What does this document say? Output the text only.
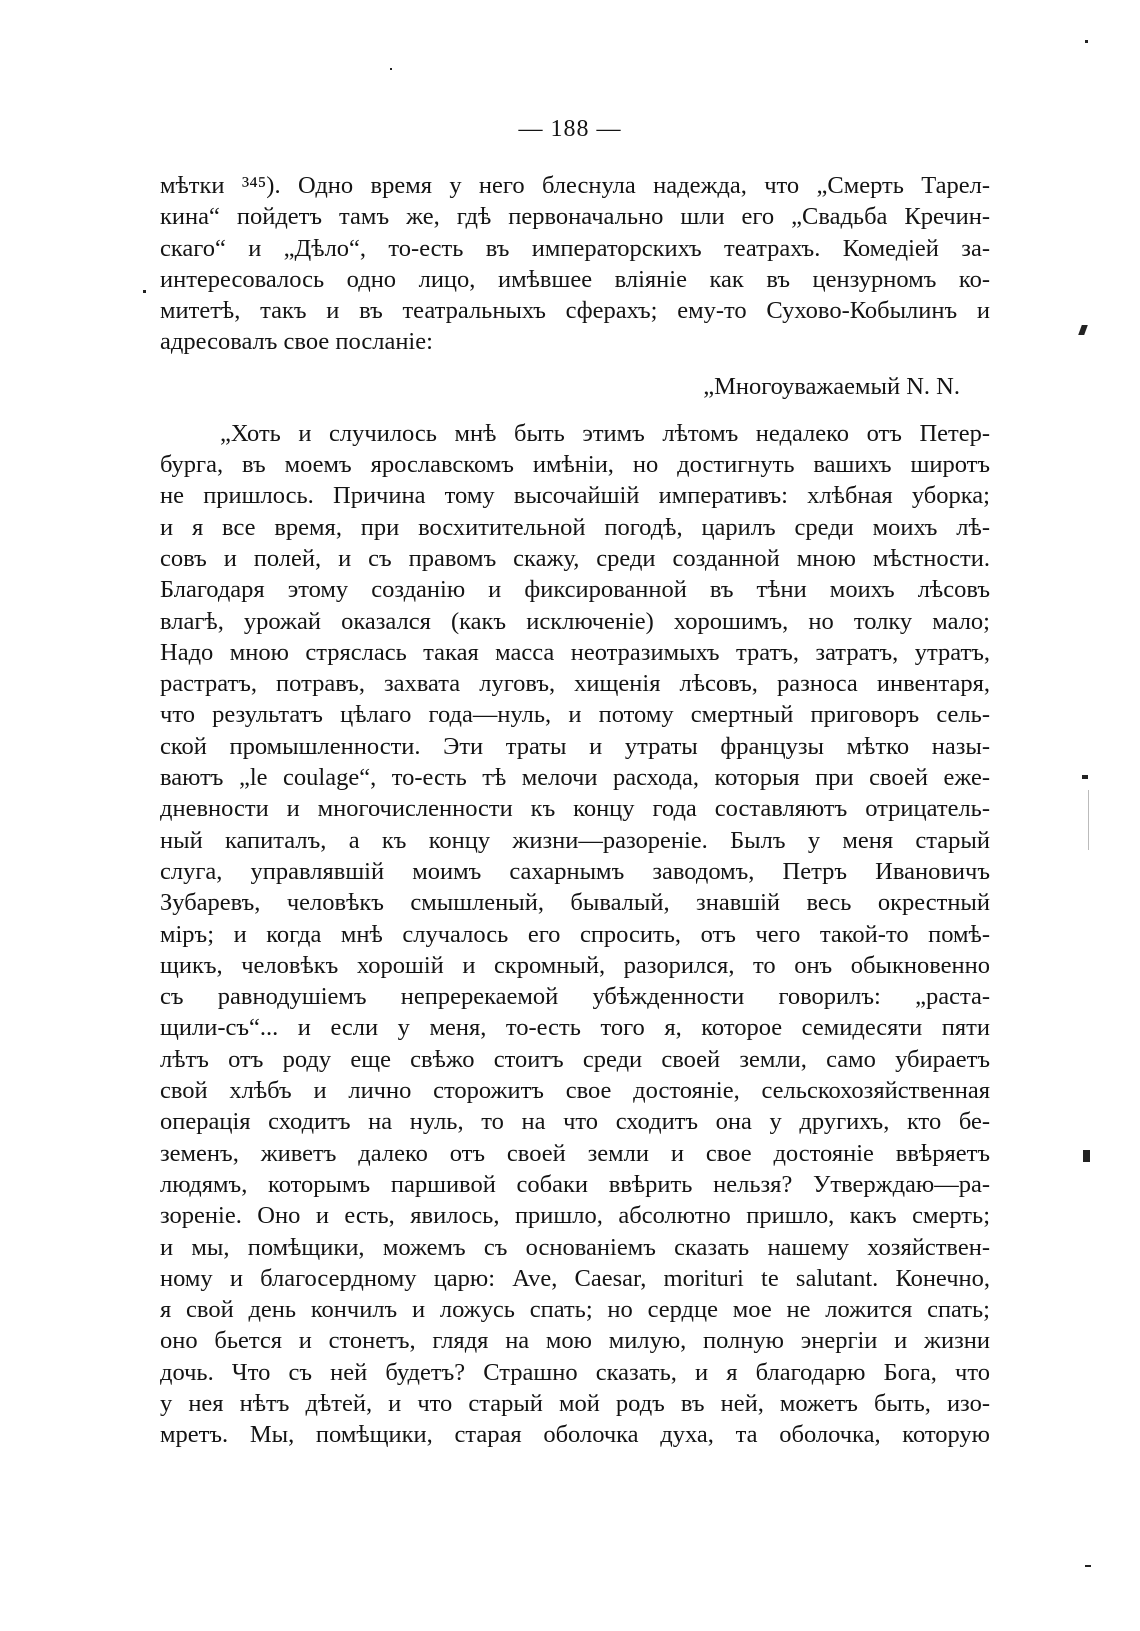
— 188 —
мѣтки ³⁴⁵). Одно время у него блеснула надежда, что „Смерть Тарел-
кина“ пойдетъ тамъ же, гдѣ первоначально шли его „Свадьба Кречин-
скаго“ и „Дѣло“, то-есть въ императорскихъ театрахъ. Комедiей за-
интересовалось одно лицо, имѣвшее влiянiе как въ цензурномъ ко-
митетѣ, такъ и въ театральныхъ сферахъ; ему-то Сухово-Кобылинъ и
адресовалъ свое посланiе:
„Многоуважаемый N. N.
„Хоть и случилось мнѣ быть этимъ лѣтомъ недалеко отъ Петер-
бурга, въ моемъ ярославскомъ имѣнiи, но достигнуть вашихъ широтъ
не пришлось. Причина тому высочайшiй императивъ: хлѣбная уборка;
и я все время, при восхитительной погодѣ, царилъ среди моихъ лѣ-
совъ и полей, и съ правомъ скажу, среди созданной мною мѣстности.
Благодаря этому созданiю и фиксированной въ тѣни моихъ лѣсовъ
влагѣ, урожай оказался (какъ исключенiе) хорошимъ, но толку мало;
Надо мною стряслась такая масса неотразимыхъ тратъ, затратъ, утратъ,
растратъ, потравъ, захвата луговъ, хищенiя лѣсовъ, разноса инвентаря,
что результатъ цѣлаго года—нуль, и потому смертный приговоръ сель-
ской промышленности. Эти траты и утраты французы мѣтко назы-
ваютъ „le coulage“, то-есть тѣ мелочи расхода, которыя при своей еже-
дневности и многочисленности къ концу года составляютъ отрицатель-
ный капиталъ, а къ концу жизни—разоренiе. Былъ у меня старый
слуга, управлявшiй моимъ сахарнымъ заводомъ, Петръ Ивановичъ
Зубаревъ, человѣкъ смышленый, бывалый, знавшiй весь окрестный
мiръ; и когда мнѣ случалось его спросить, отъ чего такой-то помѣ-
щикъ, человѣкъ хорошiй и скромный, разорился, то онъ обыкновенно
съ равнодушiемъ непререкаемой убѣжденности говорилъ: „раста-
щили-съ“... и если у меня, то-есть того я, которое семидесяти пяти
лѣтъ отъ роду еще свѣжо стоитъ среди своей земли, само убираетъ
свой хлѣбъ и лично сторожитъ свое достоянiе, сельскохозяйственная
операцiя сходитъ на нуль, то на что сходитъ она у другихъ, кто бе-
земенъ, живетъ далеко отъ своей земли и свое достоянiе ввѣряетъ
людямъ, которымъ паршивой собаки ввѣрить нельзя? Утверждаю—ра-
зоренiе. Оно и есть, явилось, пришло, абсолютно пришло, какъ смерть;
и мы, помѣщики, можемъ съ основанiемъ сказать нашему хозяйствен-
ному и благосердному царю: Ave, Caesar, morituri te salutant. Конечно,
я свой день кончилъ и ложусь спать; но сердце мое не ложится спать;
оно бьется и стонетъ, глядя на мою милую, полную энергiи и жизни
дочь. Что съ ней будетъ? Страшно сказать, и я благодарю Бога, что
у нея нѣтъ дѣтей, и что старый мой родъ въ ней, можетъ быть, изо-
мретъ. Мы, помѣщики, старая оболочка духа, та оболочка, которую
